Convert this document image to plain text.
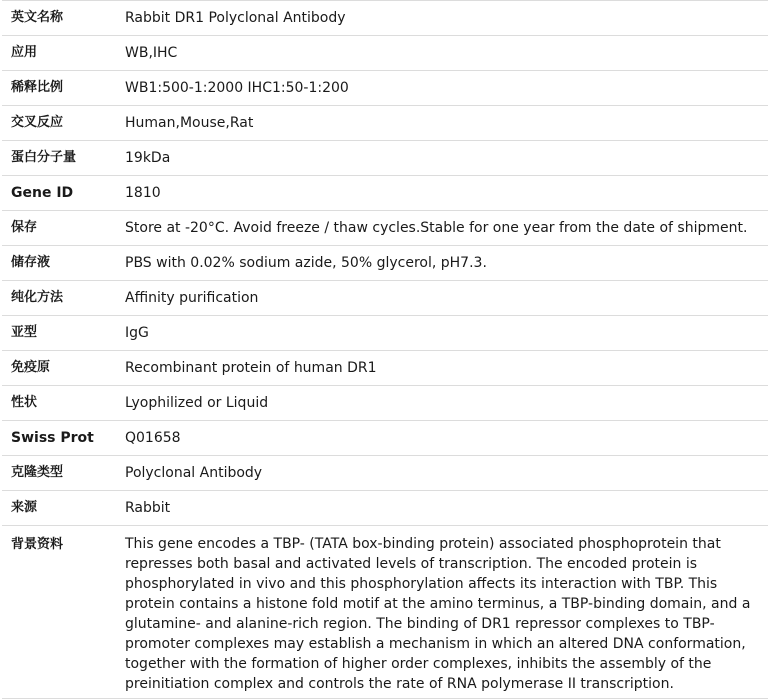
英文名称	Rabbit DR1 Polyclonal Antibody
应用	WB,IHC
稀释比例	WB1:500-1:2000 IHC1:50-1:200
交叉反应	Human,Mouse,Rat
蛋白分子量	19kDa
Gene ID	1810
保存	Store at -20°C. Avoid freeze / thaw cycles.Stable for one year from the date of shipment.
储存液	PBS with 0.02% sodium azide, 50% glycerol, pH7.3.
纯化方法	Affinity purification
亚型	IgG
免疫原	Recombinant protein of human DR1
性状	Lyophilized or Liquid
Swiss Prot	Q01658
克隆类型	Polyclonal Antibody
来源	Rabbit
背景资料	This gene encodes a TBP- (TATA box-binding protein) associated phosphoprotein that represses both basal and activated levels of transcription. The encoded protein is phosphorylated in vivo and this phosphorylation affects its interaction with TBP. This protein contains a histone fold motif at the amino terminus, a TBP-binding domain, and a glutamine- and alanine-rich region. The binding of DR1 repressor complexes to TBP-promoter complexes may establish a mechanism in which an altered DNA conformation, together with the formation of higher order complexes, inhibits the assembly of the preinitiation complex and controls the rate of RNA polymerase II transcription.
